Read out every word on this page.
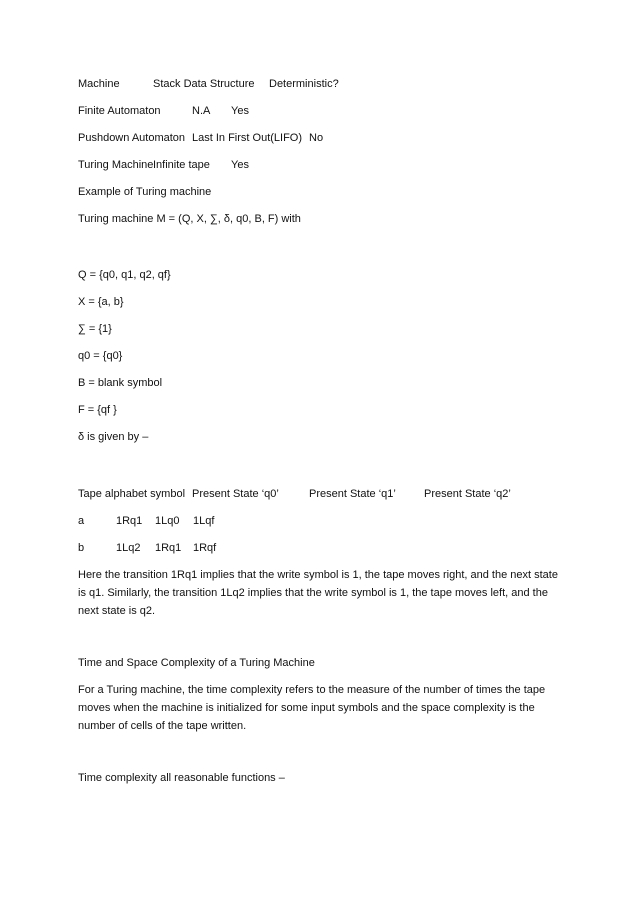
Machine	Stack Data Structure Deterministic?
Finite Automaton	N.A Yes
Pushdown Automaton Last In First Out(LIFO) No
Turing Machine Infinite tape Yes
Example of Turing machine
Turing machine M = (Q, X, ∑, δ, q0, B, F) with
Q = {q0, q1, q2, qf}
X = {a, b}
∑ = {1}
q0 = {q0}
B = blank symbol
F = {qf }
δ is given by –
Tape alphabet symbol Present State ‘q0’	Present State ‘q1’	Present State ‘q2’
a	1Rq1 1Lq0 1Lqf
b	1Lq2 1Rq1 1Rqf
Here the transition 1Rq1 implies that the write symbol is 1, the tape moves right, and the next state
is q1. Similarly, the transition 1Lq2 implies that the write symbol is 1, the tape moves left, and the
next state is q2.
Time and Space Complexity of a Turing Machine
For a Turing machine, the time complexity refers to the measure of the number of times the tape
moves when the machine is initialized for some input symbols and the space complexity is the
number of cells of the tape written.
Time complexity all reasonable functions –
